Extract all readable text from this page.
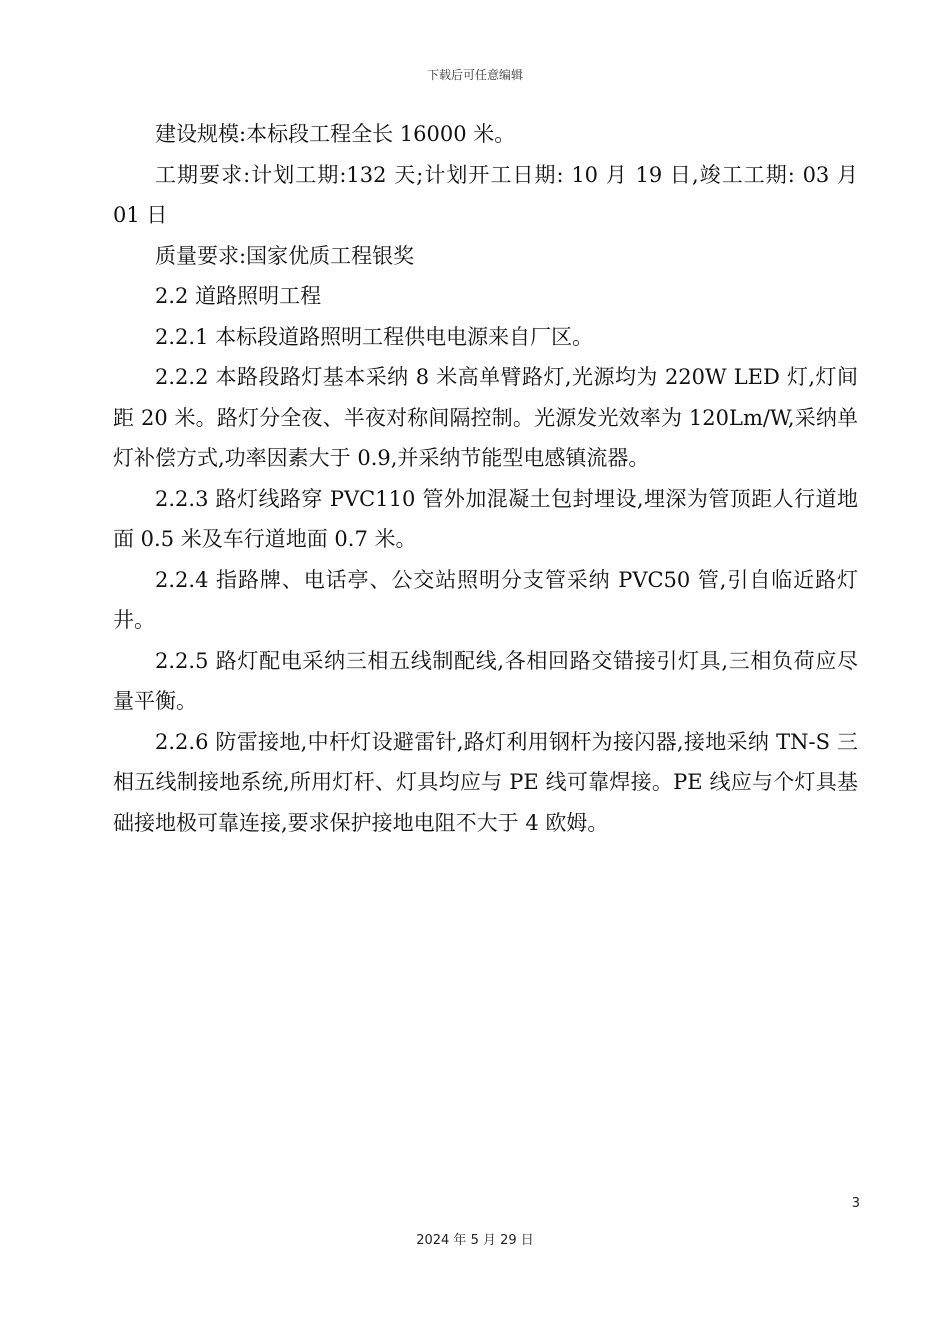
下载后可任意编辑

建设规模:本标段工程全长 16000 米。

工期要求:计划工期:132 天;计划开工日期: 10 月 19 日,竣工工期: 03 月 01 日

质量要求:国家优质工程银奖

2.2 道路照明工程

2.2.1 本标段道路照明工程供电电源来自厂区。

2.2.2 本路段路灯基本采纳 8 米高单臂路灯,光源均为 220W LED 灯,灯间距 20 米。路灯分全夜、半夜对称间隔控制。光源发光效率为 120Lm/W,采纳单灯补偿方式,功率因素大于 0.9,并采纳节能型电感镇流器。

2.2.3 路灯线路穿 PVC110 管外加混凝土包封埋设,埋深为管顶距人行道地面 0.5 米及车行道地面 0.7 米。

2.2.4 指路牌、电话亭、公交站照明分支管采纳 PVC50 管,引自临近路灯井。

2.2.5 路灯配电采纳三相五线制配线,各相回路交错接引灯具,三相负荷应尽量平衡。

2.2.6 防雷接地,中杆灯设避雷针,路灯利用钢杆为接闪器,接地采纳 TN-S 三相五线制接地系统,所用灯杆、灯具均应与 PE 线可靠焊接。PE 线应与个灯具基础接地极可靠连接,要求保护接地电阻不大于 4 欧姆。

3
2024 年 5 月 29 日
